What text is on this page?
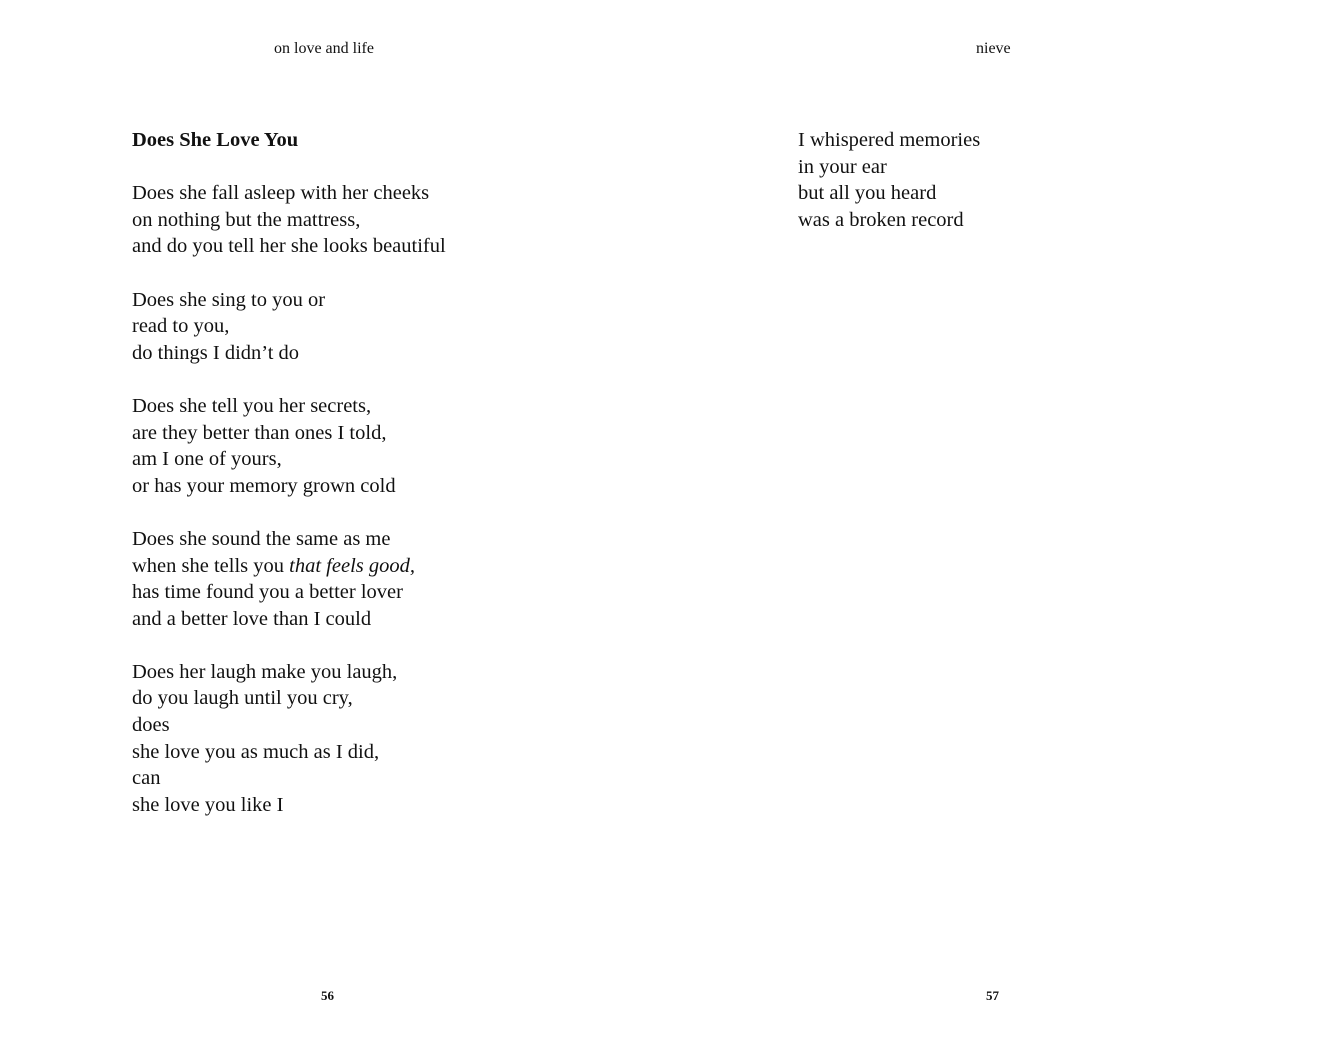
on love and life
Does She Love You
Does she fall asleep with her cheeks
on nothing but the mattress,
and do you tell her she looks beautiful
Does she sing to you or
read to you,
do things I didn’t do
Does she tell you her secrets,
are they better than ones I told,
am I one of yours,
or has your memory grown cold
Does she sound the same as me
when she tells you that feels good,
has time found you a better lover
and a better love than I could
Does her laugh make you laugh,
do you laugh until you cry,
does
she love you as much as I did,
can
she love you like I
56
nieve
I whispered memories
in your ear
but all you heard
was a broken record
57
